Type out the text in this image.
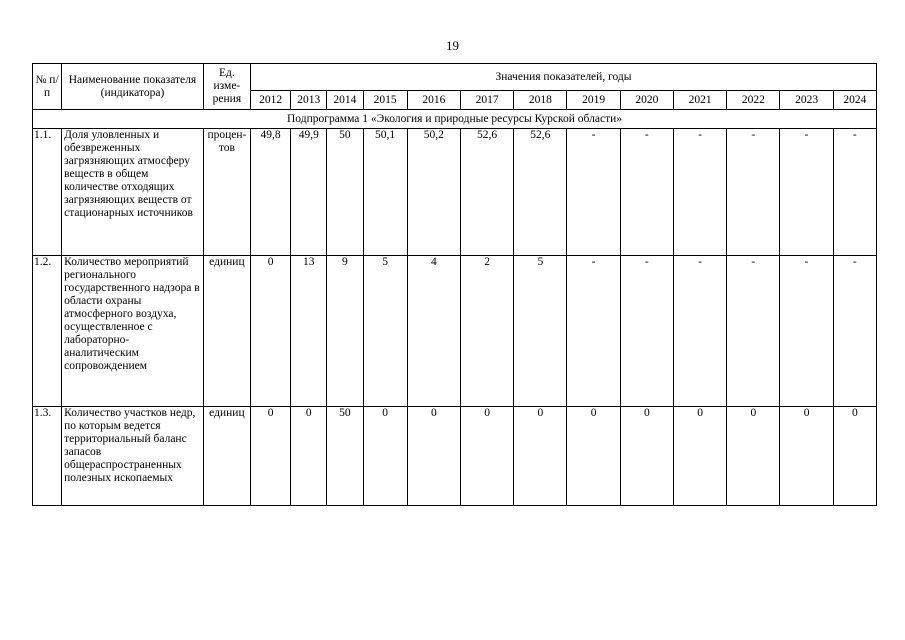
19
№ п/п	Наименование показателя (индикатора)	Ед. изме-рения	Значения показателей, годы												
			2012	2013	2014	2015	2016	2017	2018	2019	2020	2021	2022	2023	2024
Подпрограмма 1 «Экология и природные ресурсы Курской области»															
1.1.	Доля уловленных и обезвреженных загрязняющих атмосферу веществ в общем количестве отходящих загрязняющих веществ от стационарных источников	процен-тов	49,8	49,9	50	50,1	50,2	52,6	52,6	-	-	-	-	-	-
1.2.	Количество мероприятий регионального государственного надзора в области охраны атмосферного воздуха, осуществленное с лабораторно-аналитическим сопровождением	единиц	0	13	9	5	4	2	5	-	-	-	-	-	-
1.3.	Количество участков недр, по которым ведется территориальный баланс запасов общераспространенных полезных ископаемых	единиц	0	0	50	0	0	0	0	0	0	0	0	0	0
